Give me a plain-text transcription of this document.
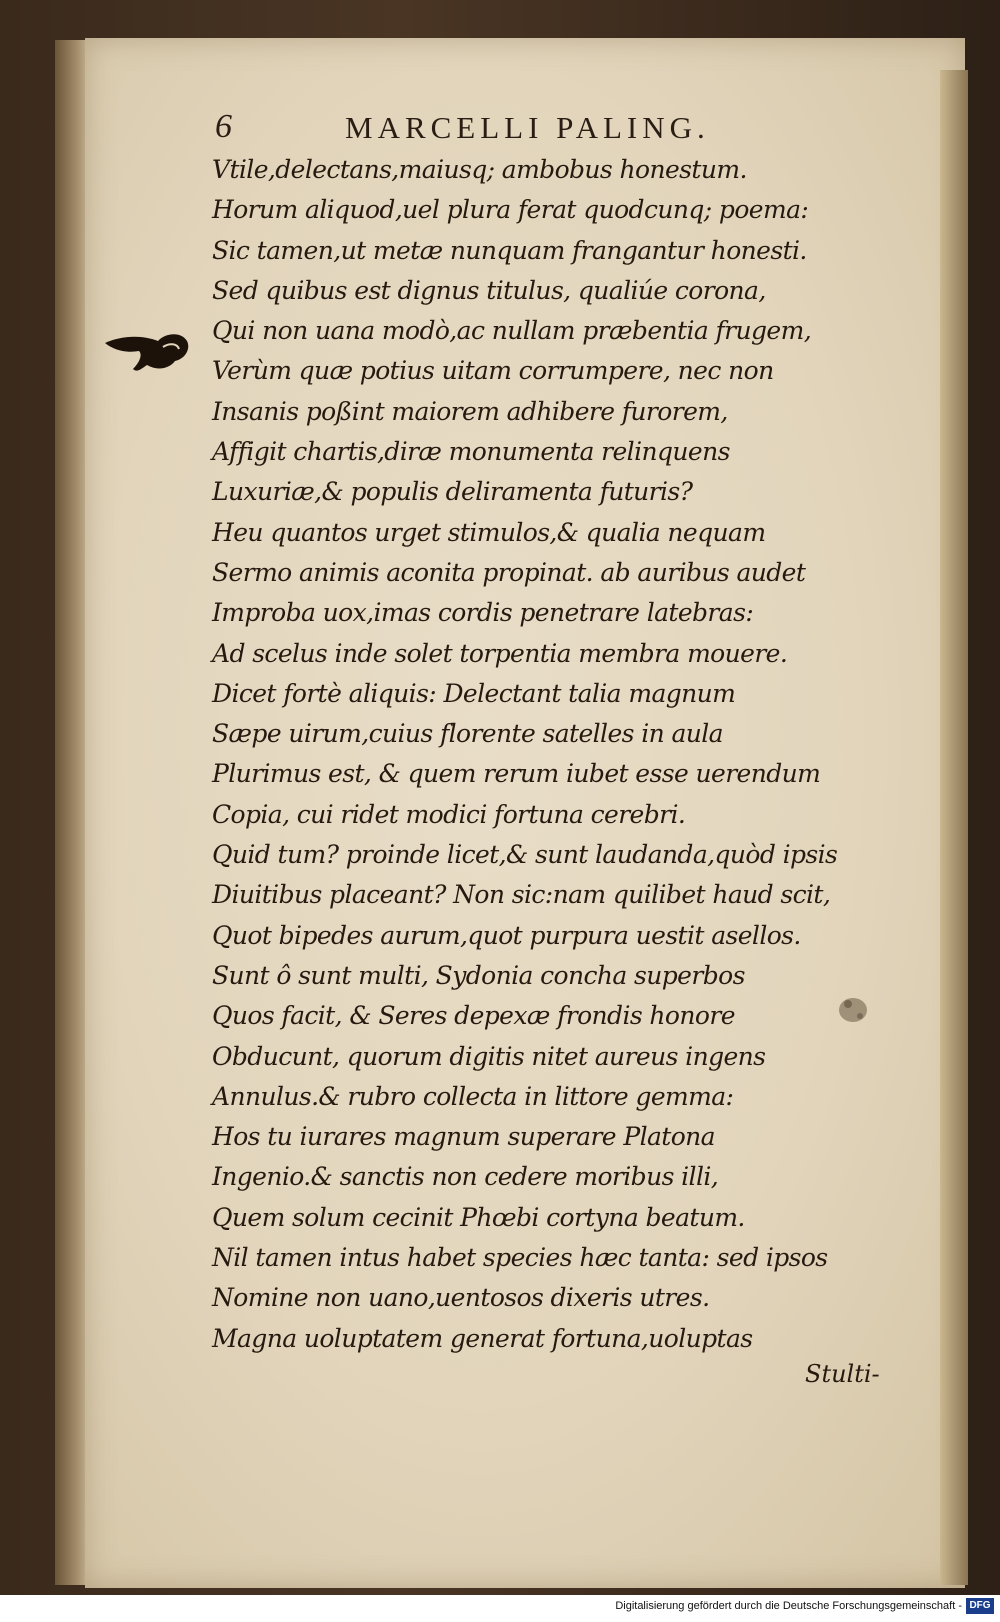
6	MARCELLI PALING.
Vtile,delectans,maiusq; ambobus honestum.
Horum aliquod,uel plura ferat quodcunq; poema:
Sic tamen,ut metæ nunquam frangantur honesti.
Sed quibus est dignus titulus, qualiúe corona,
Qui non uana modò,ac nullam præbentia frugem,
Verùm quæ potius uitam corrumpere, nec non
Insanis poßint maiorem adhibere furorem,
Affigit chartis,diræ monumenta relinquens
Luxuriæ,& populis deliramenta futuris?
Heu quantos urget stimulos,& qualia nequam
Sermo animis aconita propinat. ab auribus audet
Improba uox,imas cordis penetrare latebras:
Ad scelus inde solet torpentia membra mouere.
Dicet fortè aliquis: Delectant talia magnum
Sæpe uirum,cuius florente satelles in aula
Plurimus est, & quem rerum iubet esse uerendum
Copia, cui ridet modici fortuna cerebri.
Quid tum? proinde licet,& sunt laudanda,quòd ipsis
Diuitibus placeant? Non sic:nam quilibet haud scit,
Quot bipedes aurum,quot purpura uestit asellos.
Sunt ô sunt multi, Sydonia concha superbos
Quos facit, & Seres depexæ frondis honore
Obducunt, quorum digitis nitet aureus ingens
Annulus.& rubro collecta in littore gemma:
Hos tu iurares magnum superare Platona
Ingenio.& sanctis non cedere moribus illi,
Quem solum cecinit Phœbi cortyna beatum.
Nil tamen intus habet species hæc tanta: sed ipsos
Nomine non uano,uentosos dixeris utres.
Magna uoluptatem generat fortuna,uoluptas
Stulti-
Digitalisierung gefördert durch die Deutsche Forschungsgemeinschaft - DFG
